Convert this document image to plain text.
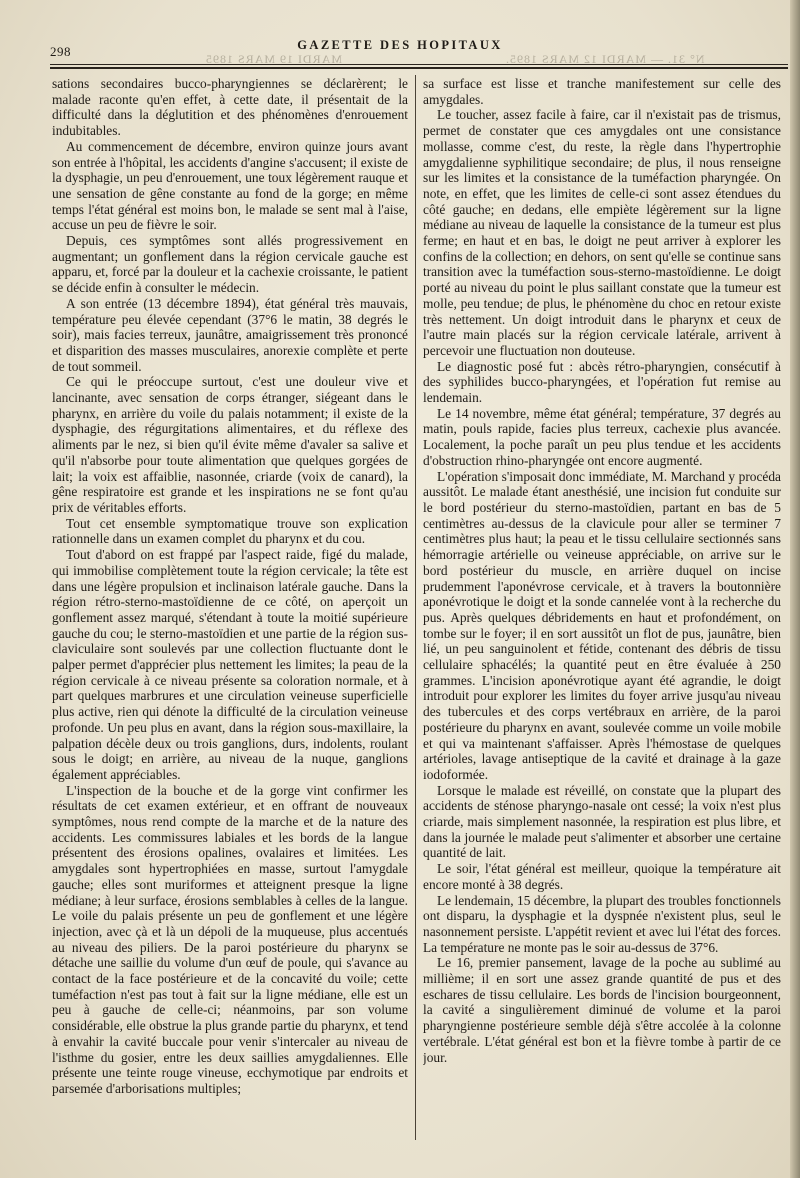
MARDI 19 MARS 1895	N° 31. — MARDI 12 MARS 1895.
298	GAZETTE DES HOPITAUX

sations secondaires bucco-pharyngiennes se déclarèrent; le malade raconte qu'en effet, à cette date, il présentait de la difficulté dans la déglutition et des phénomènes d'enrouement indubitables.

Au commencement de décembre, environ quinze jours avant son entrée à l'hôpital, les accidents d'angine s'accusent; il existe de la dysphagie, un peu d'enrouement, une toux légèrement rauque et une sensation de gêne constante au fond de la gorge; en même temps l'état général est moins bon, le malade se sent mal à l'aise, accuse un peu de fièvre le soir.

Depuis, ces symptômes sont allés progressivement en augmentant; un gonflement dans la région cervicale gauche est apparu, et, forcé par la douleur et la cachexie croissante, le patient se décide enfin à consulter le médecin.

A son entrée (13 décembre 1894), état général très mauvais, température peu élevée cependant (37°6 le matin, 38 degrés le soir), mais facies terreux, jaunâtre, amaigrissement très prononcé et disparition des masses musculaires, anorexie complète et perte de tout sommeil.

Ce qui le préoccupe surtout, c'est une douleur vive et lancinante, avec sensation de corps étranger, siégeant dans le pharynx, en arrière du voile du palais notamment; il existe de la dysphagie, des régurgitations alimentaires, et du réflexe des aliments par le nez, si bien qu'il évite même d'avaler sa salive et qu'il n'absorbe pour toute alimentation que quelques gorgées de lait; la voix est affaiblie, nasonnée, criarde (voix de canard), la gêne respiratoire est grande et les inspirations ne se font qu'au prix de véritables efforts.

Tout cet ensemble symptomatique trouve son explication rationnelle dans un examen complet du pharynx et du cou.

Tout d'abord on est frappé par l'aspect raide, figé du malade, qui immobilise complètement toute la région cervicale; la tête est dans une légère propulsion et inclinaison latérale gauche. Dans la région rétro-sterno-mastoïdienne de ce côté, on aperçoit un gonflement assez marqué, s'étendant à toute la moitié supérieure gauche du cou; le sterno-mastoïdien et une partie de la région sus-claviculaire sont soulevés par une collection fluctuante dont le palper permet d'apprécier plus nettement les limites; la peau de la région cervicale à ce niveau présente sa coloration normale, et à part quelques marbrures et une circulation veineuse superficielle plus active, rien qui dénote la difficulté de la circulation veineuse profonde. Un peu plus en avant, dans la région sous-maxillaire, la palpation décèle deux ou trois ganglions, durs, indolents, roulant sous le doigt; en arrière, au niveau de la nuque, ganglions également appréciables.

L'inspection de la bouche et de la gorge vint confirmer les résultats de cet examen extérieur, et en offrant de nouveaux symptômes, nous rend compte de la marche et de la nature des accidents. Les commissures labiales et les bords de la langue présentent des érosions opalines, ovalaires et limitées. Les amygdales sont hypertrophiées en masse, surtout l'amygdale gauche; elles sont muriformes et atteignent presque la ligne médiane; à leur surface, érosions semblables à celles de la langue. Le voile du palais présente un peu de gonflement et une légère injection, avec çà et là un dépoli de la muqueuse, plus accentués au niveau des piliers. De la paroi postérieure du pharynx se détache une saillie du volume d'un œuf de poule, qui s'avance au contact de la face postérieure et de la concavité du voile; cette tuméfaction n'est pas tout à fait sur la ligne médiane, elle est un peu à gauche de celle-ci; néanmoins, par son volume considérable, elle obstrue la plus grande partie du pharynx, et tend à envahir la cavité buccale pour venir s'intercaler au niveau de l'isthme du gosier, entre les deux saillies amygdaliennes. Elle présente une teinte rouge vineuse, ecchymotique par endroits et parsemée d'arborisations multiples;

sa surface est lisse et tranche manifestement sur celle des amygdales.

Le toucher, assez facile à faire, car il n'existait pas de trismus, permet de constater que ces amygdales ont une consistance mollasse, comme c'est, du reste, la règle dans l'hypertrophie amygdalienne syphilitique secondaire; de plus, il nous renseigne sur les limites et la consistance de la tuméfaction pharyngée. On note, en effet, que les limites de celle-ci sont assez étendues du côté gauche; en dedans, elle empiète légèrement sur la ligne médiane au niveau de laquelle la consistance de la tumeur est plus ferme; en haut et en bas, le doigt ne peut arriver à explorer les confins de la collection; en dehors, on sent qu'elle se continue sans transition avec la tuméfaction sous-sterno-mastoïdienne. Le doigt porté au niveau du point le plus saillant constate que la tumeur est molle, peu tendue; de plus, le phénomène du choc en retour existe très nettement. Un doigt introduit dans le pharynx et ceux de l'autre main placés sur la région cervicale latérale, arrivent à percevoir une fluctuation non douteuse.

Le diagnostic posé fut : abcès rétro-pharyngien, consécutif à des syphilides bucco-pharyngées, et l'opération fut remise au lendemain.

Le 14 novembre, même état général; température, 37 degrés au matin, pouls rapide, facies plus terreux, cachexie plus avancée. Localement, la poche paraît un peu plus tendue et les accidents d'obstruction rhino-pharyngée ont encore augmenté.

L'opération s'imposait donc immédiate, M. Marchand y procéda aussitôt. Le malade étant anesthésié, une incision fut conduite sur le bord postérieur du sterno-mastoïdien, partant en bas de 5 centimètres au-dessus de la clavicule pour aller se terminer 7 centimètres plus haut; la peau et le tissu cellulaire sectionnés sans hémorragie artérielle ou veineuse appréciable, on arrive sur le bord postérieur du muscle, en arrière duquel on incise prudemment l'aponévrose cervicale, et à travers la boutonnière aponévrotique le doigt et la sonde cannelée vont à la recherche du pus. Après quelques débridements en haut et profondément, on tombe sur le foyer; il en sort aussitôt un flot de pus, jaunâtre, bien lié, un peu sanguinolent et fétide, contenant des débris de tissu cellulaire sphacélés; la quantité peut en être évaluée à 250 grammes. L'incision aponévrotique ayant été agrandie, le doigt introduit pour explorer les limites du foyer arrive jusqu'au niveau des tubercules et des corps vertébraux en arrière, de la paroi postérieure du pharynx en avant, soulevée comme un voile mobile et qui va maintenant s'affaisser. Après l'hémostase de quelques artérioles, lavage antiseptique de la cavité et drainage à la gaze iodoformée.

Lorsque le malade est réveillé, on constate que la plupart des accidents de sténose pharyngo-nasale ont cessé; la voix n'est plus criarde, mais simplement nasonnée, la respiration est plus libre, et dans la journée le malade peut s'alimenter et absorber une certaine quantité de lait.

Le soir, l'état général est meilleur, quoique la température ait encore monté à 38 degrés.

Le lendemain, 15 décembre, la plupart des troubles fonctionnels ont disparu, la dysphagie et la dyspnée n'existent plus, seul le nasonnement persiste. L'appétit revient et avec lui l'état des forces. La température ne monte pas le soir au-dessus de 37°6.

Le 16, premier pansement, lavage de la poche au sublimé au millième; il en sort une assez grande quantité de pus et des eschares de tissu cellulaire. Les bords de l'incision bourgeonnent, la cavité a singulièrement diminué de volume et la paroi pharyngienne postérieure semble déjà s'être accolée à la colonne vertébrale. L'état général est bon et la fièvre tombe à partir de ce jour.
